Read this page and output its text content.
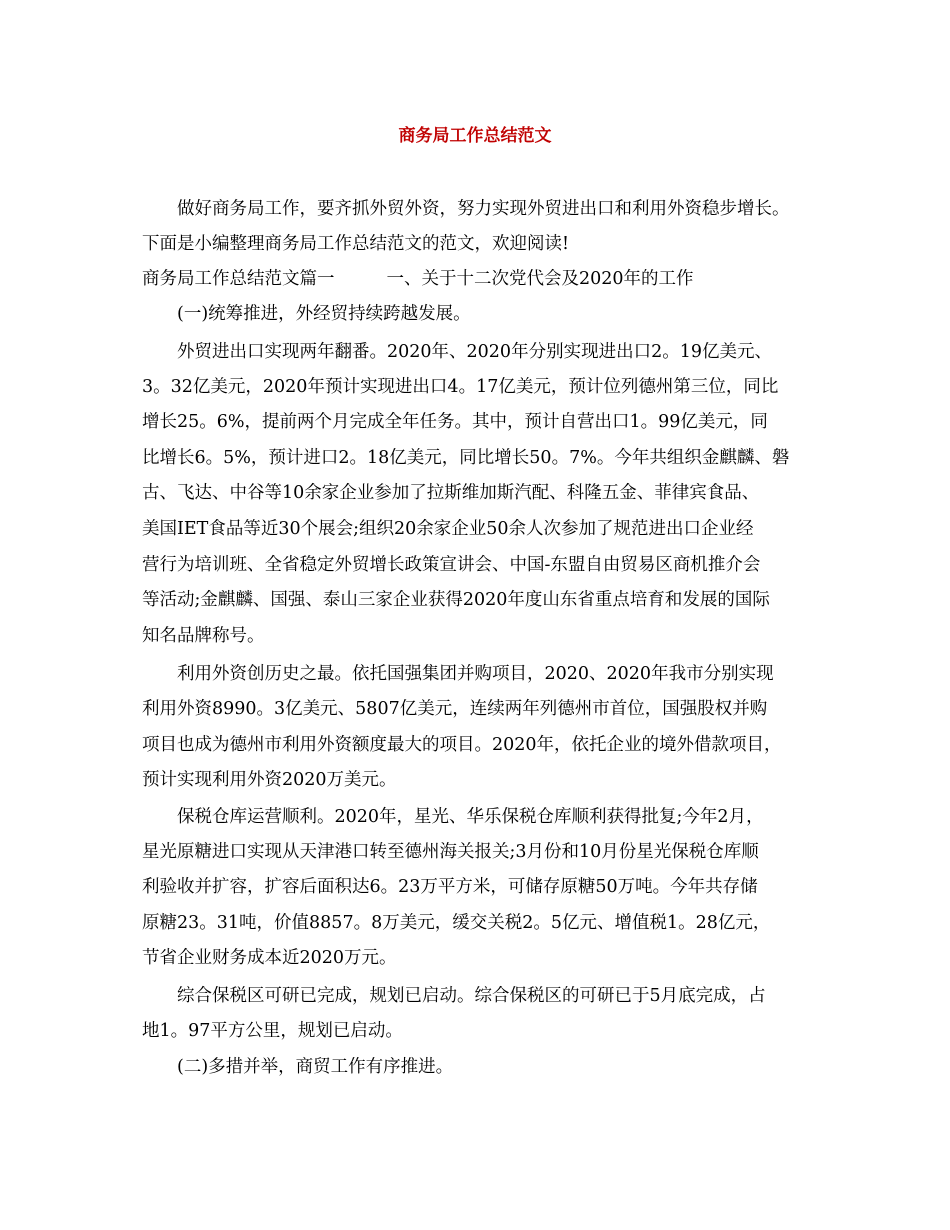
商务局工作总结范文
做好商务局工作，要齐抓外贸外资，努力实现外贸进出口和利用外资稳步增长。
下面是小编整理商务局工作总结范文的范文，欢迎阅读!
商务局工作总结范文篇一	一、关于十二次党代会及2020年的工作
(一)统筹推进，外经贸持续跨越发展。
外贸进出口实现两年翻番。2020年、2020年分别实现进出口2。19亿美元、
3。32亿美元，2020年预计实现进出口4。17亿美元，预计位列德州第三位，同比
增长25。6%，提前两个月完成全年任务。其中，预计自营出口1。99亿美元，同
比增长6。5%，预计进口2。18亿美元，同比增长50。7%。今年共组织金麒麟、磐
古、飞达、中谷等10余家企业参加了拉斯维加斯汽配、科隆五金、菲律宾食品、
美国IET食品等近30个展会;组织20余家企业50余人次参加了规范进出口企业经
营行为培训班、全省稳定外贸增长政策宣讲会、中国-东盟自由贸易区商机推介会
等活动;金麒麟、国强、泰山三家企业获得2020年度山东省重点培育和发展的国际
知名品牌称号。
利用外资创历史之最。依托国强集团并购项目，2020、2020年我市分别实现
利用外资8990。3亿美元、5807亿美元，连续两年列德州市首位，国强股权并购
项目也成为德州市利用外资额度最大的项目。2020年，依托企业的境外借款项目，
预计实现利用外资2020万美元。
保税仓库运营顺利。2020年，星光、华乐保税仓库顺利获得批复;今年2月，
星光原糖进口实现从天津港口转至德州海关报关;3月份和10月份星光保税仓库顺
利验收并扩容，扩容后面积达6。23万平方米，可储存原糖50万吨。今年共存储
原糖23。31吨，价值8857。8万美元，缓交关税2。5亿元、增值税1。28亿元，
节省企业财务成本近2020万元。
综合保税区可研已完成，规划已启动。综合保税区的可研已于5月底完成，占
地1。97平方公里，规划已启动。
(二)多措并举，商贸工作有序推进。
